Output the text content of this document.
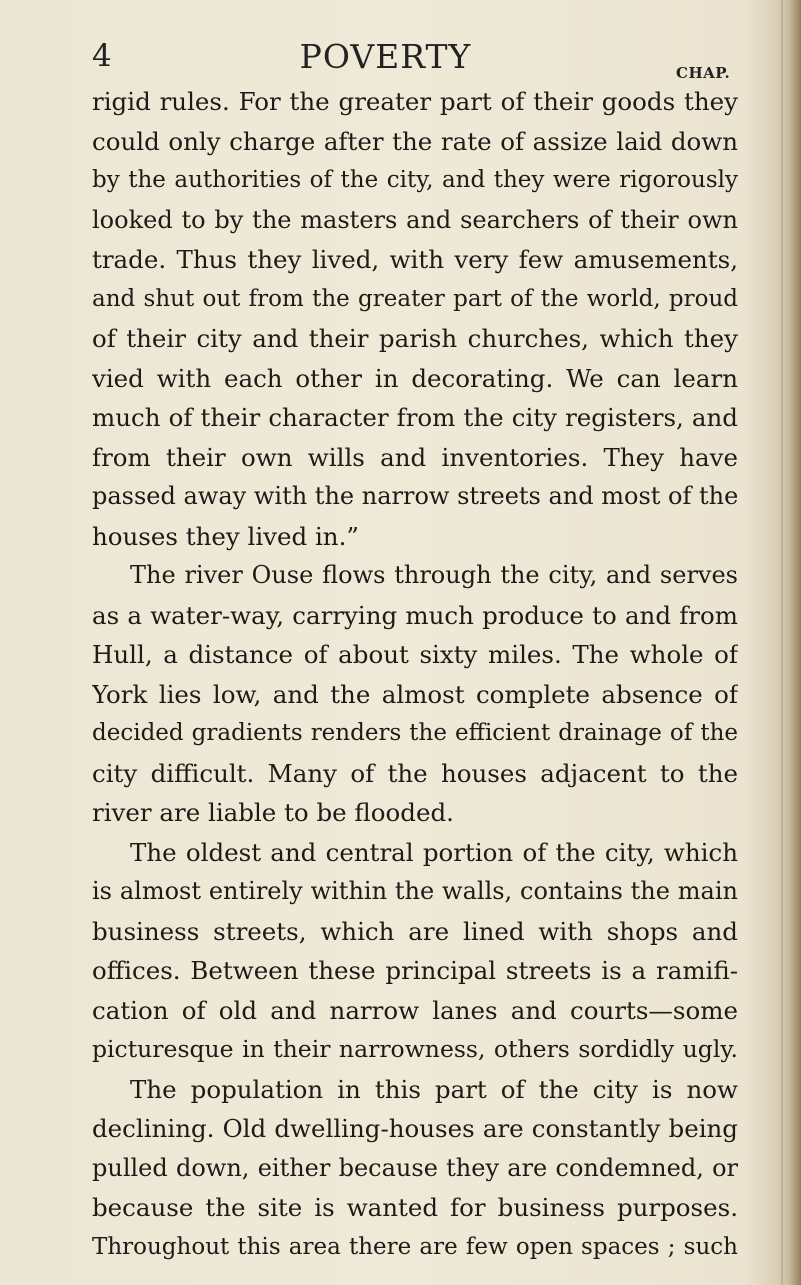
4	POVERTY	CHAP.
rigid rules. For the greater part of their goods they
could only charge after the rate of assize laid down
by the authorities of the city, and they were rigorously
looked to by the masters and searchers of their own
trade. Thus they lived, with very few amusements,
and shut out from the greater part of the world, proud
of their city and their parish churches, which they
vied with each other in decorating. We can learn
much of their character from the city registers, and
from their own wills and inventories. They have
passed away with the narrow streets and most of the
houses they lived in.”
The river Ouse flows through the city, and serves
as a water-way, carrying much produce to and from
Hull, a distance of about sixty miles. The whole of
York lies low, and the almost complete absence of
decided gradients renders the efficient drainage of the
city difficult. Many of the houses adjacent to the
river are liable to be flooded.
The oldest and central portion of the city, which
is almost entirely within the walls, contains the main
business streets, which are lined with shops and
offices. Between these principal streets is a ramifi-
cation of old and narrow lanes and courts—some
picturesque in their narrowness, others sordidly ugly.
The population in this part of the city is now
declining. Old dwelling-houses are constantly being
pulled down, either because they are condemned, or
because the site is wanted for business purposes.
Throughout this area there are few open spaces ; such
